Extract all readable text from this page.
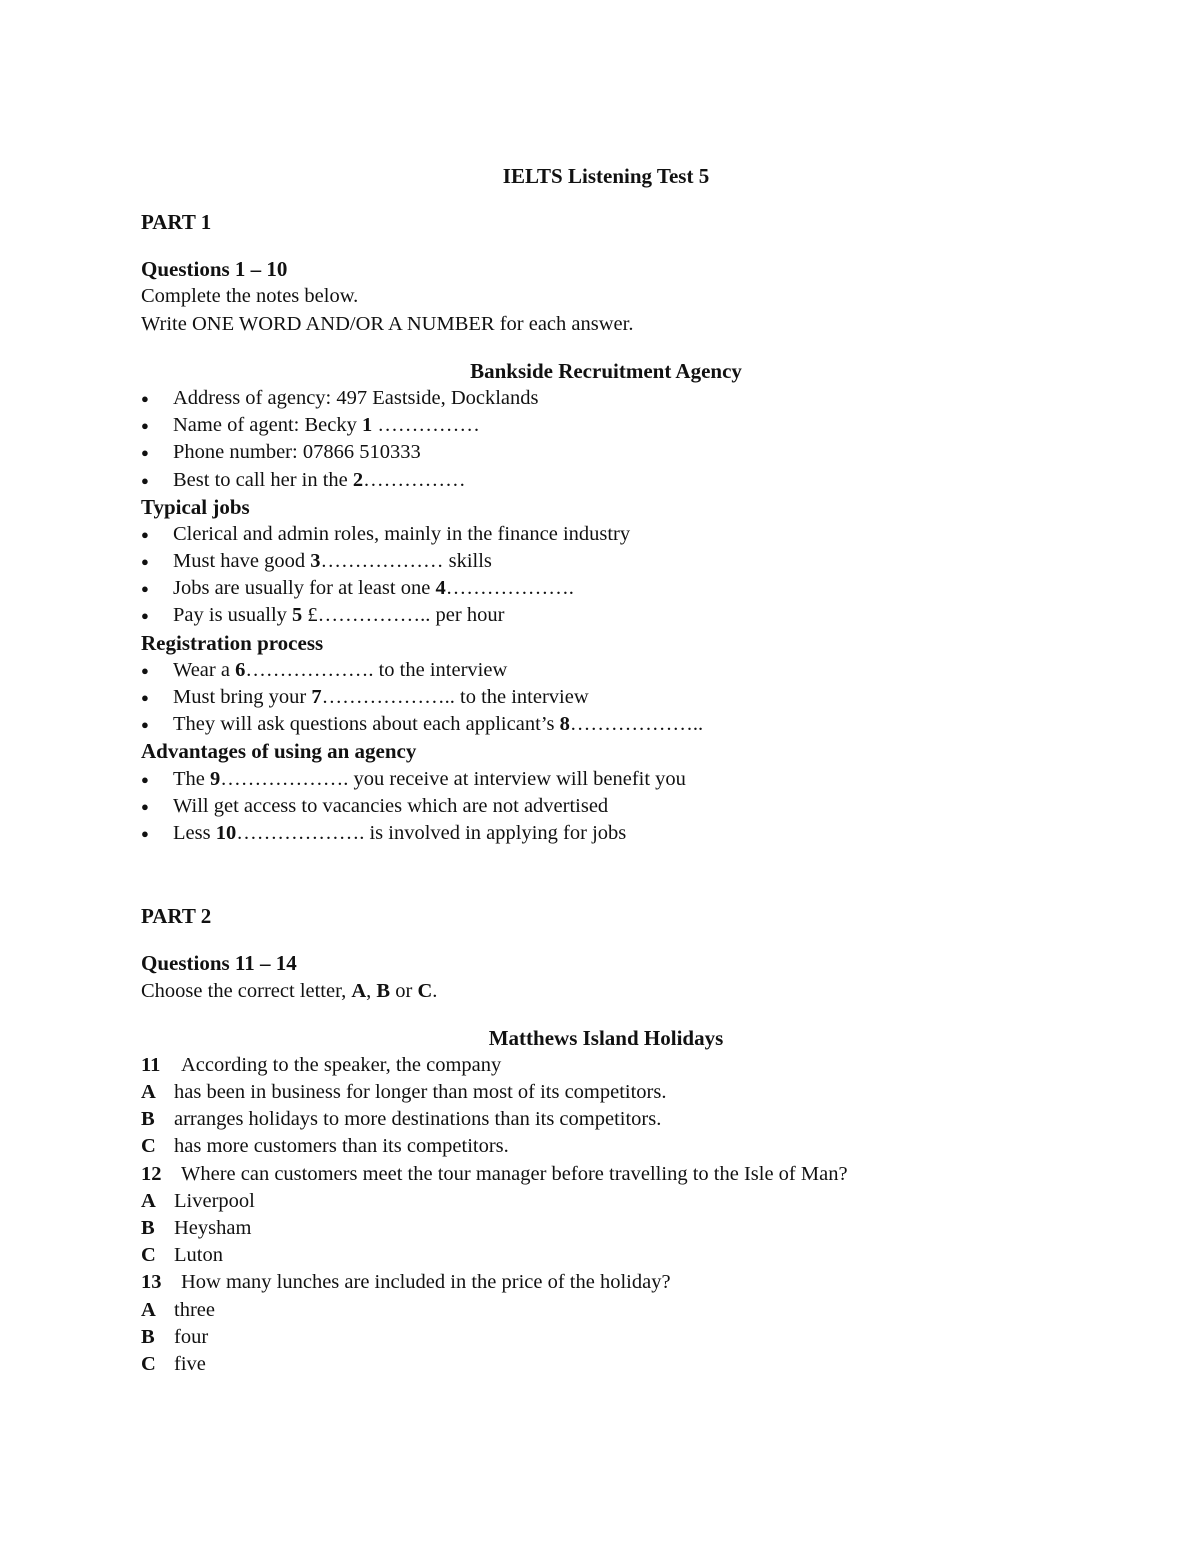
IELTS Listening Test 5
PART 1
Questions 1 – 10
Complete the notes below.
Write ONE WORD AND/OR A NUMBER for each answer.
Bankside Recruitment Agency
● Address of agency: 497 Eastside, Docklands
● Name of agent: Becky 1 ……………
● Phone number: 07866 510333
● Best to call her in the 2……………
Typical jobs
● Clerical and admin roles, mainly in the finance industry
● Must have good 3……………… skills
● Jobs are usually for at least one 4……………….
● Pay is usually 5 £…………….. per hour
Registration process
● Wear a 6………………. to the interview
● Must bring your 7……………….. to the interview
● They will ask questions about each applicant’s 8………………..
Advantages of using an agency
● The 9………………. you receive at interview will benefit you
● Will get access to vacancies which are not advertised
● Less 10………………. is involved in applying for jobs
PART 2
Questions 11 – 14
Choose the correct letter, A, B or C.
Matthews Island Holidays
11 According to the speaker, the company
A has been in business for longer than most of its competitors.
B arranges holidays to more destinations than its competitors.
C has more customers than its competitors.
12 Where can customers meet the tour manager before travelling to the Isle of Man?
A Liverpool
B Heysham
C Luton
13 How many lunches are included in the price of the holiday?
A three
B four
C five
